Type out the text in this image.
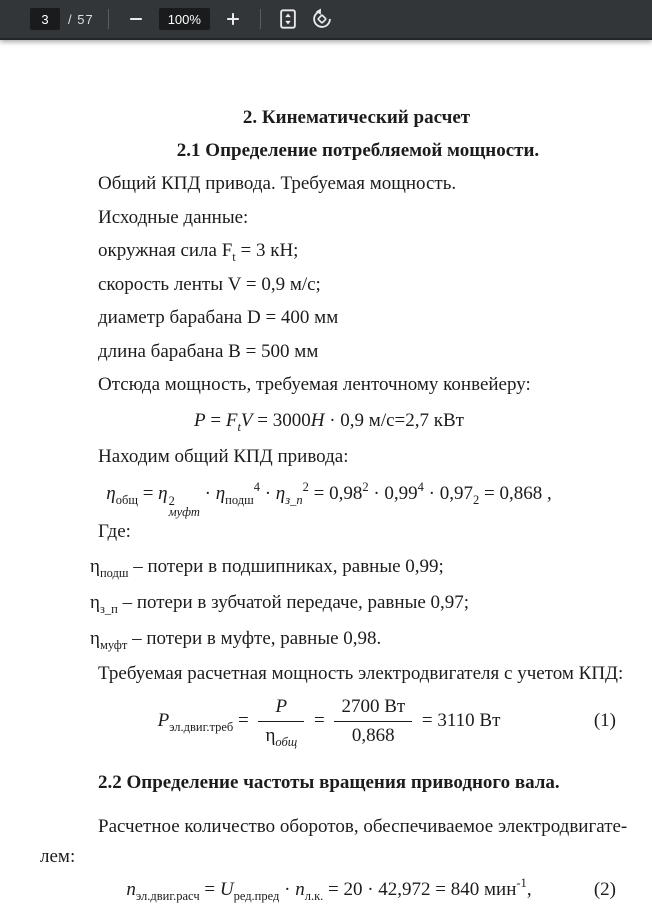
3	/ 57	100%
2. Кинематический расчет
2.1 Определение потребляемой мощности.
Общий КПД привода. Требуемая мощность.
Исходные данные:
окружная сила $F_t = 3$ кН;
скорость ленты V = 0,9 м/с;
диаметр барабана D = 400 мм
длина барабана B = 500 мм
Отсюда мощность, требуемая ленточному конвейеру:
$P = F_tV = 3000Н \cdot 0,9$ м/с=2,7 кВт
Находим общий КПД привода:
$\eta_{общ} = \eta$ 2
муфт
· $\eta_{подш}^4 \cdot \eta_{з\_п}^2 = 0,98^2 \cdot 0,99^4 \cdot 0,97_2 = 0,868$ ,
Где:
$\eta_{подш}$ – потери в подшипниках, равные 0,99;
$\eta_{з\_п}$ – потери в зубчатой передаче, равные 0,97;
$\eta_{муфт}$ – потери в муфте, равные 0,98.
Требуемая расчетная мощность электродвигателя с учетом КПД:
$P_{эл.двиг.треб} = \frac{P}{\eta_{общ}} = \frac{2700 Вт}{0,868} = 3110$ Вт	(1)
2.2 Определение частоты вращения приводного вала.
Расчетное количество оборотов, обеспечиваемое электродвигате-
лем:
$n_{эл.двиг.расч} = U_{ред.пред} \cdot n_{л.к.} = 20 \cdot 42,972 = 840$ мин$^{-1}$,	(2)
